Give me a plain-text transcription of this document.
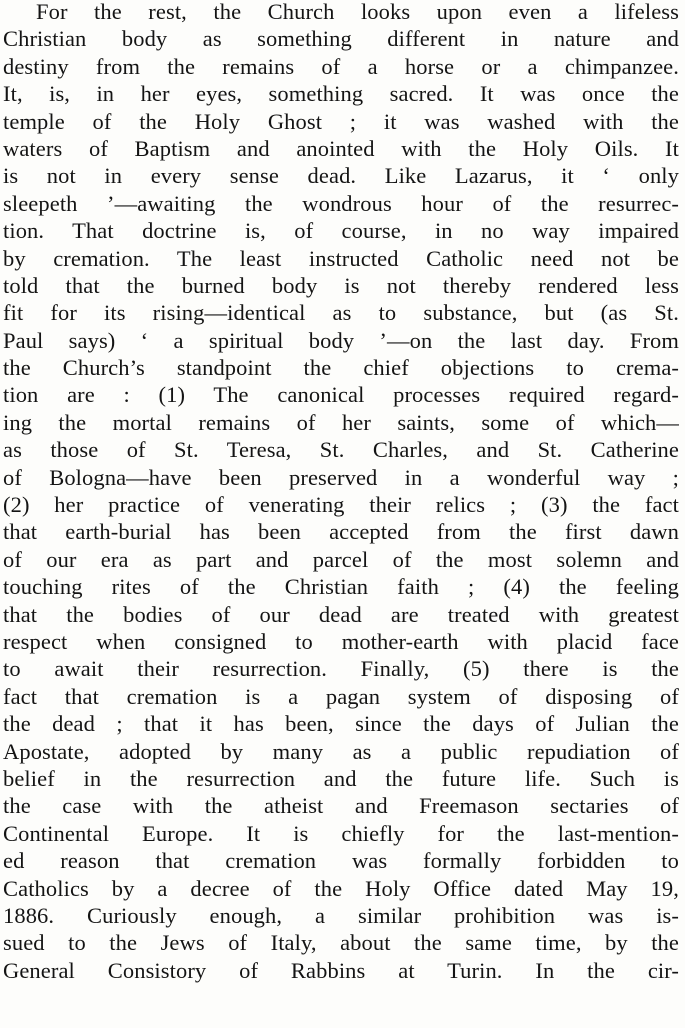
For the rest, the Church looks upon even a lifeless
Christian body as something different in nature and
destiny from the remains of a horse or a chimpanzee.
It, is, in her eyes, something sacred. It was once the
temple of the Holy Ghost ; it was washed with the
waters of Baptism and anointed with the Holy Oils. It
is not in every sense dead. Like Lazarus, it ‘ only
sleepeth ’—awaiting the wondrous hour of the resurrec-
tion. That doctrine is, of course, in no way impaired
by cremation. The least instructed Catholic need not be
told that the burned body is not thereby rendered less
fit for its rising—identical as to substance, but (as St.
Paul says) ‘ a spiritual body ’—on the last day. From
the Church’s standpoint the chief objections to crema-
tion are : (1) The canonical processes required regard-
ing the mortal remains of her saints, some of which—
as those of St. Teresa, St. Charles, and St. Catherine
of Bologna—have been preserved in a wonderful way ;
(2) her practice of venerating their relics ; (3) the fact
that earth-burial has been accepted from the first dawn
of our era as part and parcel of the most solemn and
touching rites of the Christian faith ; (4) the feeling
that the bodies of our dead are treated with greatest
respect when consigned to mother-earth with placid face
to await their resurrection. Finally, (5) there is the
fact that cremation is a pagan system of disposing of
the dead ; that it has been, since the days of Julian the
Apostate, adopted by many as a public repudiation of
belief in the resurrection and the future life. Such is
the case with the atheist and Freemason sectaries of
Continental Europe. It is chiefly for the last-mention-
ed reason that cremation was formally forbidden to
Catholics by a decree of the Holy Office dated May 19,
1886. Curiously enough, a similar prohibition was is-
sued to the Jews of Italy, about the same time, by the
General Consistory of Rabbins at Turin. In the cir-
